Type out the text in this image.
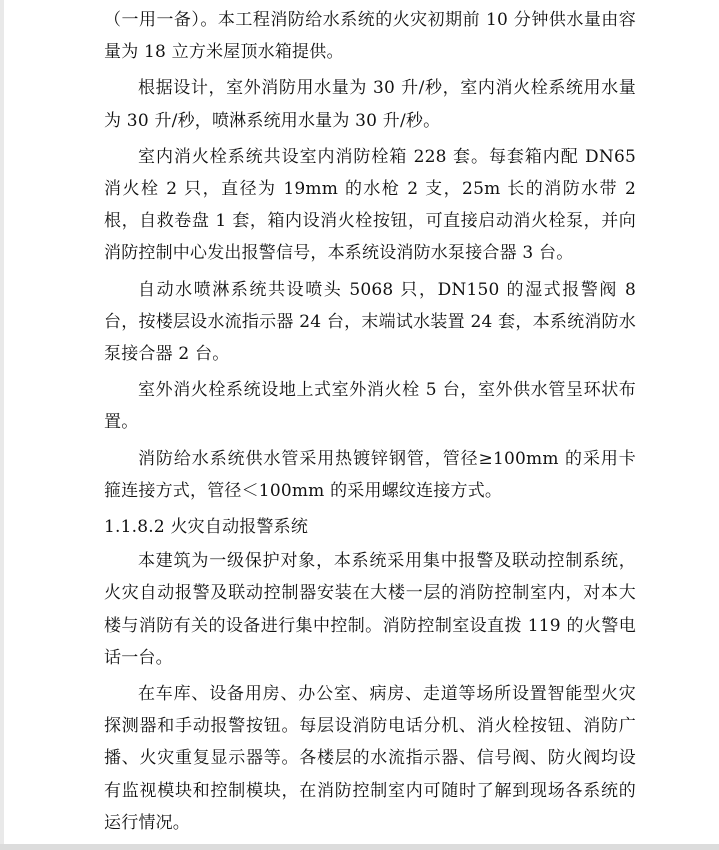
（一用一备）。本工程消防给水系统的火灾初期前 10 分钟供水量由容量为 18 立方米屋顶水箱提供。

根据设计，室外消防用水量为 30 升/秒，室内消火栓系统用水量为 30 升/秒，喷淋系统用水量为 30 升/秒。

室内消火栓系统共设室内消防栓箱 228 套。每套箱内配 DN65 消火栓 2 只，直径为 19mm 的水枪 2 支，25m 长的消防水带 2 根，自救卷盘 1 套，箱内设消火栓按钮，可直接启动消火栓泵，并向消防控制中心发出报警信号，本系统设消防水泵接合器 3 台。

自动水喷淋系统共设喷头 5068 只，DN150 的湿式报警阀 8 台，按楼层设水流指示器 24 台，末端试水装置 24 套，本系统消防水泵接合器 2 台。

室外消火栓系统设地上式室外消火栓 5 台，室外供水管呈环状布置。

消防给水系统供水管采用热镀锌钢管，管径≥100mm 的采用卡箍连接方式，管径＜100mm 的采用螺纹连接方式。

1.1.8.2 火灾自动报警系统

本建筑为一级保护对象，本系统采用集中报警及联动控制系统，火灾自动报警及联动控制器安装在大楼一层的消防控制室内，对本大楼与消防有关的设备进行集中控制。消防控制室设直拨 119 的火警电话一台。

在车库、设备用房、办公室、病房、走道等场所设置智能型火灾探测器和手动报警按钮。每层设消防电话分机、消火栓按钮、消防广播、火灾重复显示器等。各楼层的水流指示器、信号阀、防火阀均设有监视模块和控制模块，在消防控制室内可随时了解到现场各系统的运行情况。
